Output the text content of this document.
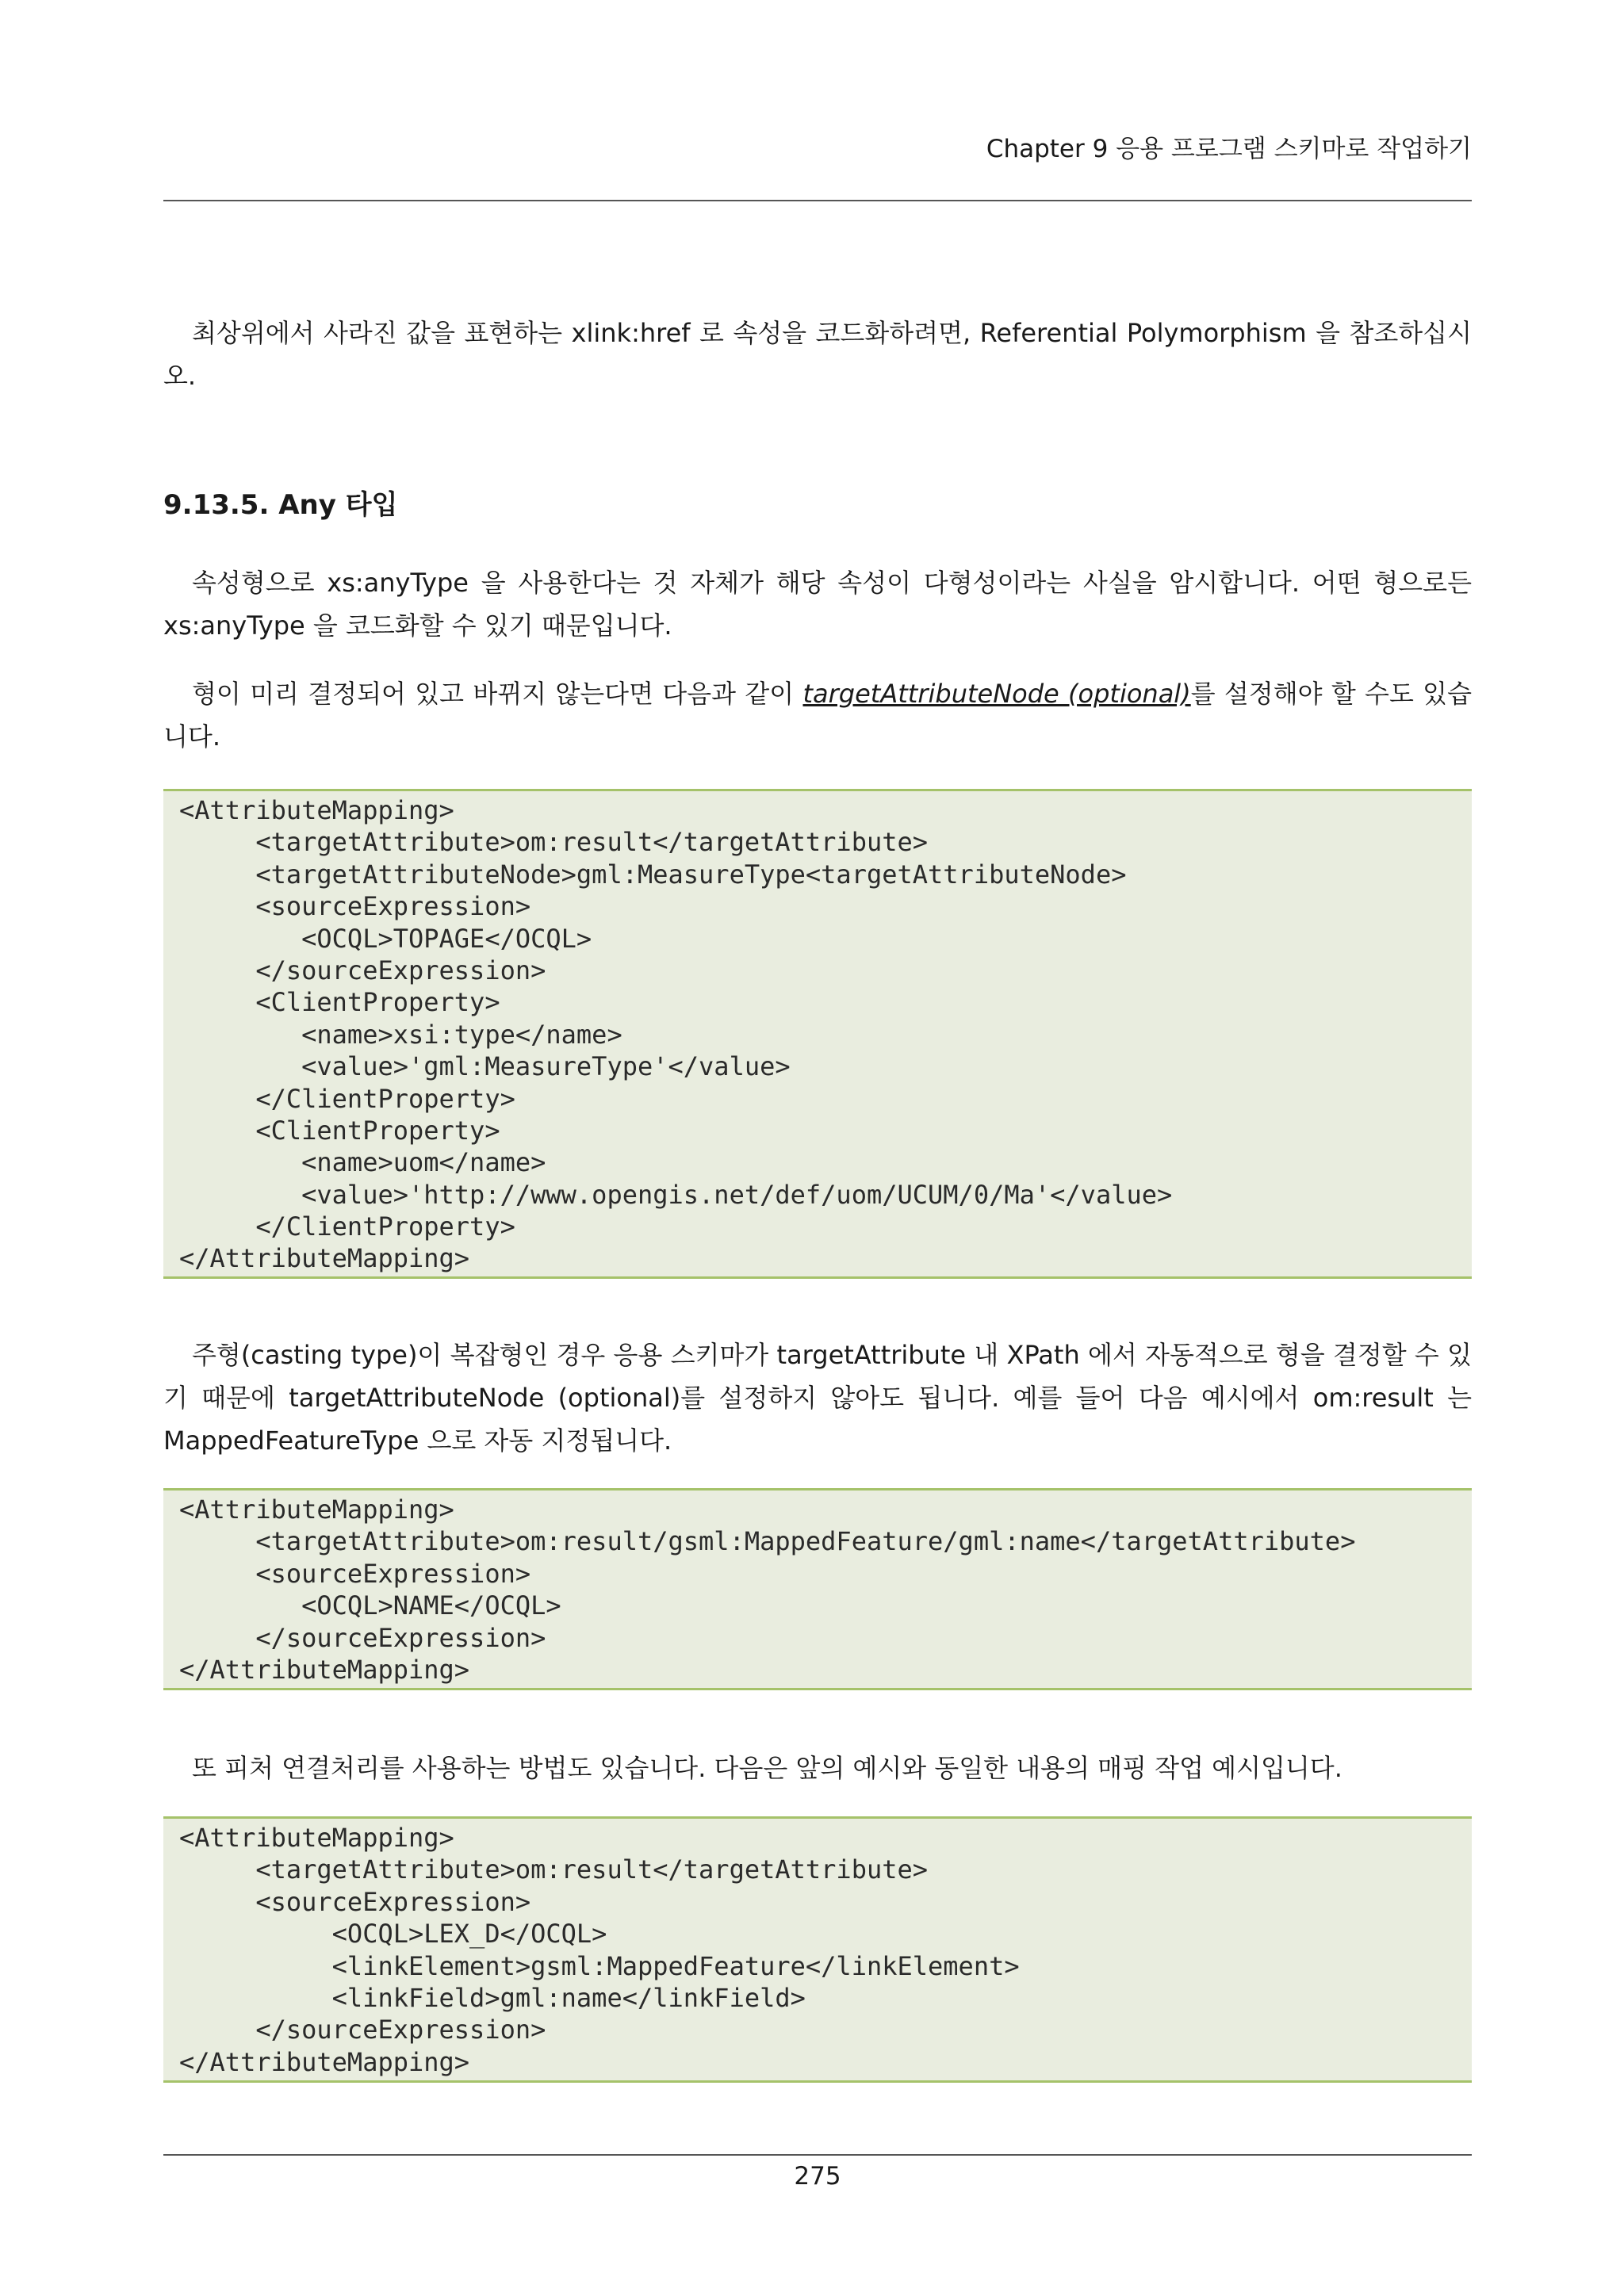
Chapter 9 응용 프로그램 스키마로 작업하기
최상위에서 사라진 값을 표현하는 xlink:href 로 속성을 코드화하려면, Referential Polymorphism 을 참조하십시오.
9.13.5. Any 타입
속성형으로 xs:anyType 을 사용한다는 것 자체가 해당 속성이 다형성이라는 사실을 암시합니다. 어떤 형으로든 xs:anyType 을 코드화할 수 있기 때문입니다.
형이 미리 결정되어 있고 바뀌지 않는다면 다음과 같이 targetAttributeNode (optional)를 설정해야 할 수도 있습니다.
<AttributeMapping>
<targetAttribute>om:result</targetAttribute>
<targetAttributeNode>gml:MeasureType<targetAttributeNode>
<sourceExpression>
<OCQL>TOPAGE</OCQL>
</sourceExpression>
<ClientProperty>
<name>xsi:type</name>
<value>'gml:MeasureType'</value>
</ClientProperty>
<ClientProperty>
<name>uom</name>
<value>'http://www.opengis.net/def/uom/UCUM/0/Ma'</value>
</ClientProperty>
</AttributeMapping>
주형(casting type)이 복잡형인 경우 응용 스키마가 targetAttribute 내 XPath 에서 자동적으로 형을 결정할 수 있기 때문에 targetAttributeNode (optional)를 설정하지 않아도 됩니다. 예를 들어 다음 예시에서 om:result 는 MappedFeatureType 으로 자동 지정됩니다.
<AttributeMapping>
<targetAttribute>om:result/gsml:MappedFeature/gml:name</targetAttribute>
<sourceExpression>
<OCQL>NAME</OCQL>
</sourceExpression>
</AttributeMapping>
또 피처 연결처리를 사용하는 방법도 있습니다. 다음은 앞의 예시와 동일한 내용의 매핑 작업 예시입니다.
<AttributeMapping>
<targetAttribute>om:result</targetAttribute>
<sourceExpression>
<OCQL>LEX_D</OCQL>
<linkElement>gsml:MappedFeature</linkElement>
<linkField>gml:name</linkField>
</sourceExpression>
</AttributeMapping>
275
